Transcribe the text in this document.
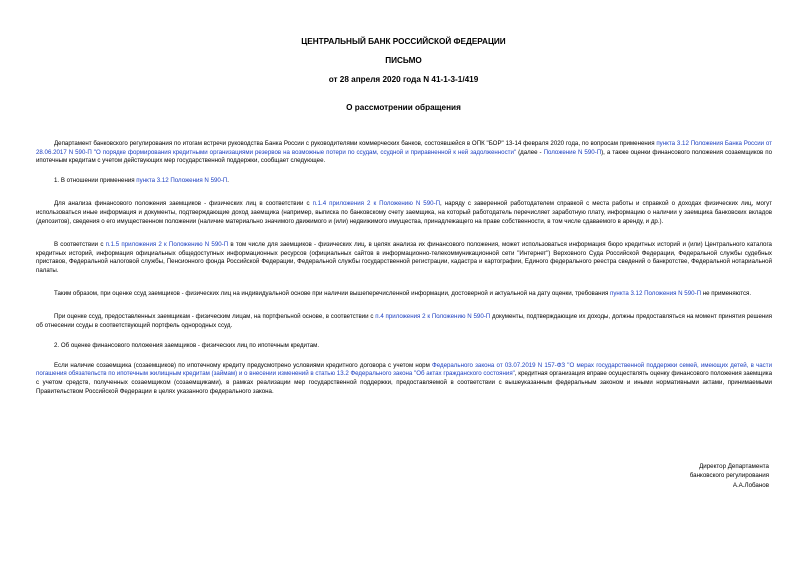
ЦЕНТРАЛЬНЫЙ БАНК РОССИЙСКОЙ ФЕДЕРАЦИИ
ПИСЬМО
от 28 апреля 2020 года N 41-1-3-1/419
О рассмотрении обращения

Департамент банковского регулирования по итогам встречи руководства Банка России с руководителями коммерческих банков, состоявшейся в ОПК "БОР" 13-14 февраля 2020 года, по вопросам применения пункта 3.12 Положения Банка России от 28.06.2017 N 590-П "О порядке формирования кредитными организациями резервов на возможные потери по ссудам, ссудной и приравненной к ней задолженности" (далее - Положение N 590-П), а также оценки финансового положения созаемщиков по ипотечным кредитам с учетом действующих мер государственной поддержки, сообщает следующее.

1. В отношении применения пункта 3.12 Положения N 590-П.

Для анализа финансового положения заемщиков - физических лиц в соответствии с п.1.4 приложения 2 к Положению N 590-П, наряду с заверенной работодателем справкой с места работы и справкой о доходах физических лиц, могут использоваться иные информация и документы, подтверждающие доход заемщика (например, выписка по банковскому счету заемщика, на который работодатель перечисляет заработную плату, информацию о наличии у заемщика банковских вкладов (депозитов), сведения о его имущественном положении (наличие материально значимого движимого и (или) недвижимого имущества, принадлежащего на праве собственности, в том числе сдаваемого в аренду, и др.).

В соответствии с п.1.5 приложения 2 к Положению N 590-П в том числе для заемщиков - физических лиц, в целях анализа их финансового положения, может использоваться информация бюро кредитных историй и (или) Центрального каталога кредитных историй, информация официальных общедоступных информационных ресурсов (официальных сайтов в информационно-телекоммуникационной сети "Интернет") Верховного Суда Российской Федерации, Федеральной службы судебных приставов, Федеральной налоговой службы, Пенсионного фонда Российской Федерации, Федеральной службы государственной регистрации, кадастра и картографии, Единого федерального реестра сведений о банкротстве, Федеральной нотариальной палаты.

Таким образом, при оценке ссуд заемщиков - физических лиц на индивидуальной основе при наличии вышеперечисленной информации, достоверной и актуальной на дату оценки, требования пункта 3.12 Положения N 590-П не применяются.

При оценке ссуд, предоставленных заемщикам - физическим лицам, на портфельной основе, в соответствии с п.4 приложения 2 к Положению N 590-П документы, подтверждающие их доходы, должны предоставляться на момент принятия решения об отнесении ссуды в соответствующий портфель однородных ссуд.

2. Об оценке финансового положения заемщиков - физических лиц по ипотечным кредитам.

Если наличие созаемщика (созаемщиков) по ипотечному кредиту предусмотрено условиями кредитного договора с учетом норм Федерального закона от 03.07.2019 N 157-ФЗ "О мерах государственной поддержки семей, имеющих детей, в части погашения обязательств по ипотечным жилищным кредитам (займам) и о внесении изменений в статью 13.2 Федерального закона "Об актах гражданского состояния", кредитная организация вправе осуществлять оценку финансового положения заемщика с учетом средств, полученных созаемщиком (созаемщиками), в рамках реализации мер государственной поддержки, предоставляемой в соответствии с вышеуказанным федеральным законом и иными нормативными актами, принимаемыми Правительством Российской Федерации в целях указанного федерального закона.

Директор Департамента
банковского регулирования
А.А.Лобанов
